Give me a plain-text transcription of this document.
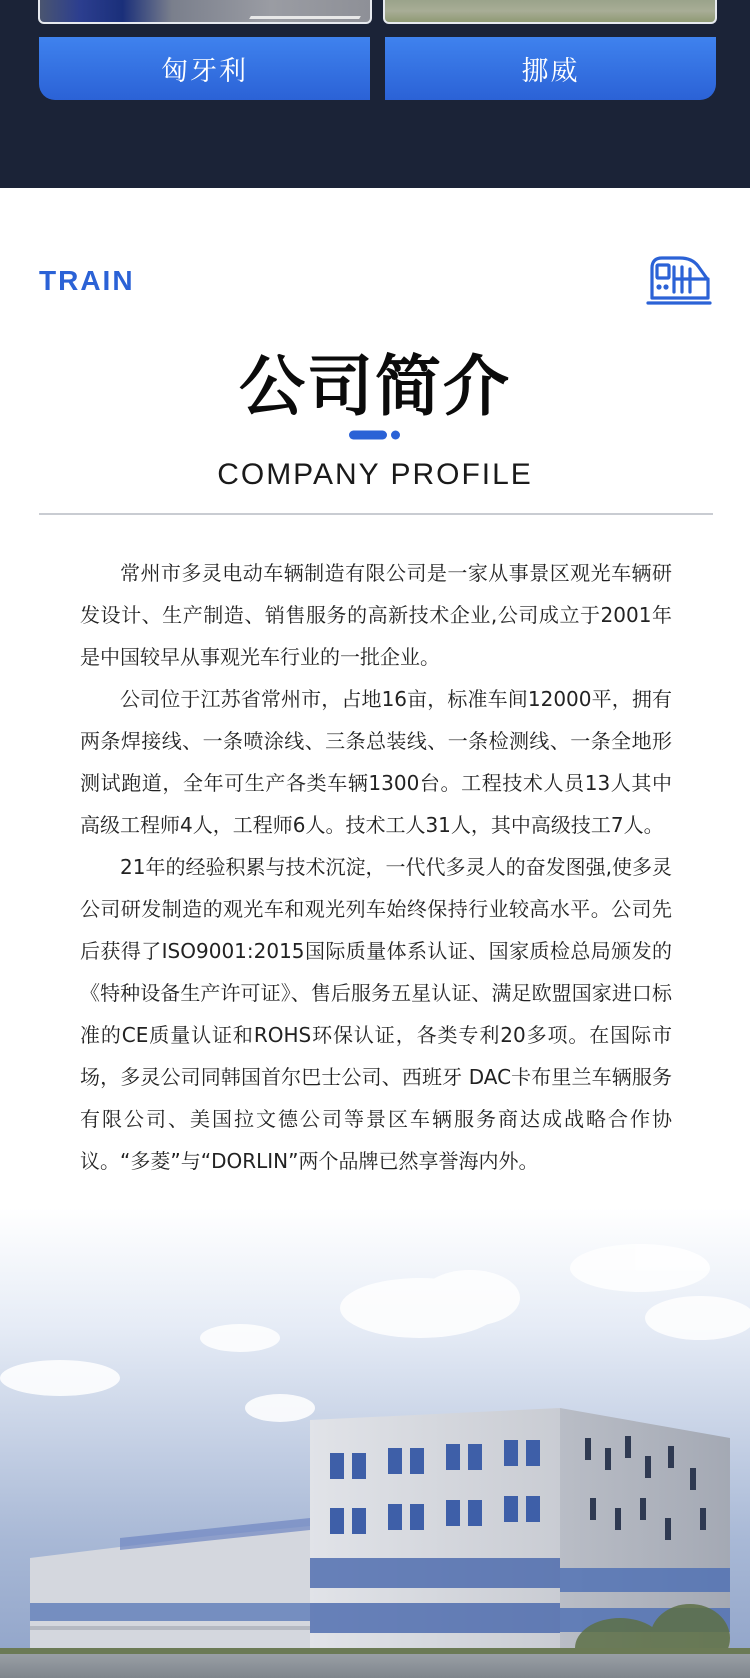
匈牙利	挪威
TRAIN
公司简介
COMPANY PROFILE

常州市多灵电动车辆制造有限公司是一家从事景区观光车辆研发设计、生产制造、销售服务的高新技术企业,公司成立于2001年是中国较早从事观光车行业的一批企业。

公司位于江苏省常州市，占地16亩，标准车间12000平，拥有两条焊接线、一条喷涂线、三条总装线、一条检测线、一条全地形测试跑道，全年可生产各类车辆1300台。工程技术人员13人其中高级工程师4人，工程师6人。技术工人31人，其中高级技工7人。

21年的经验积累与技术沉淀，一代代多灵人的奋发图强,使多灵公司研发制造的观光车和观光列车始终保持行业较高水平。公司先后获得了ISO9001:2015国际质量体系认证、国家质检总局颁发的《特种设备生产许可证》、售后服务五星认证、满足欧盟国家进口标准的CE质量认证和ROHS环保认证，各类专利20多项。在国际市场，多灵公司同韩国首尔巴士公司、西班牙 DAC卡布里兰车辆服务有限公司、美国拉文德公司等景区车辆服务商达成战略合作协议。“多菱”与“DORLIN”两个品牌已然享誉海内外。
